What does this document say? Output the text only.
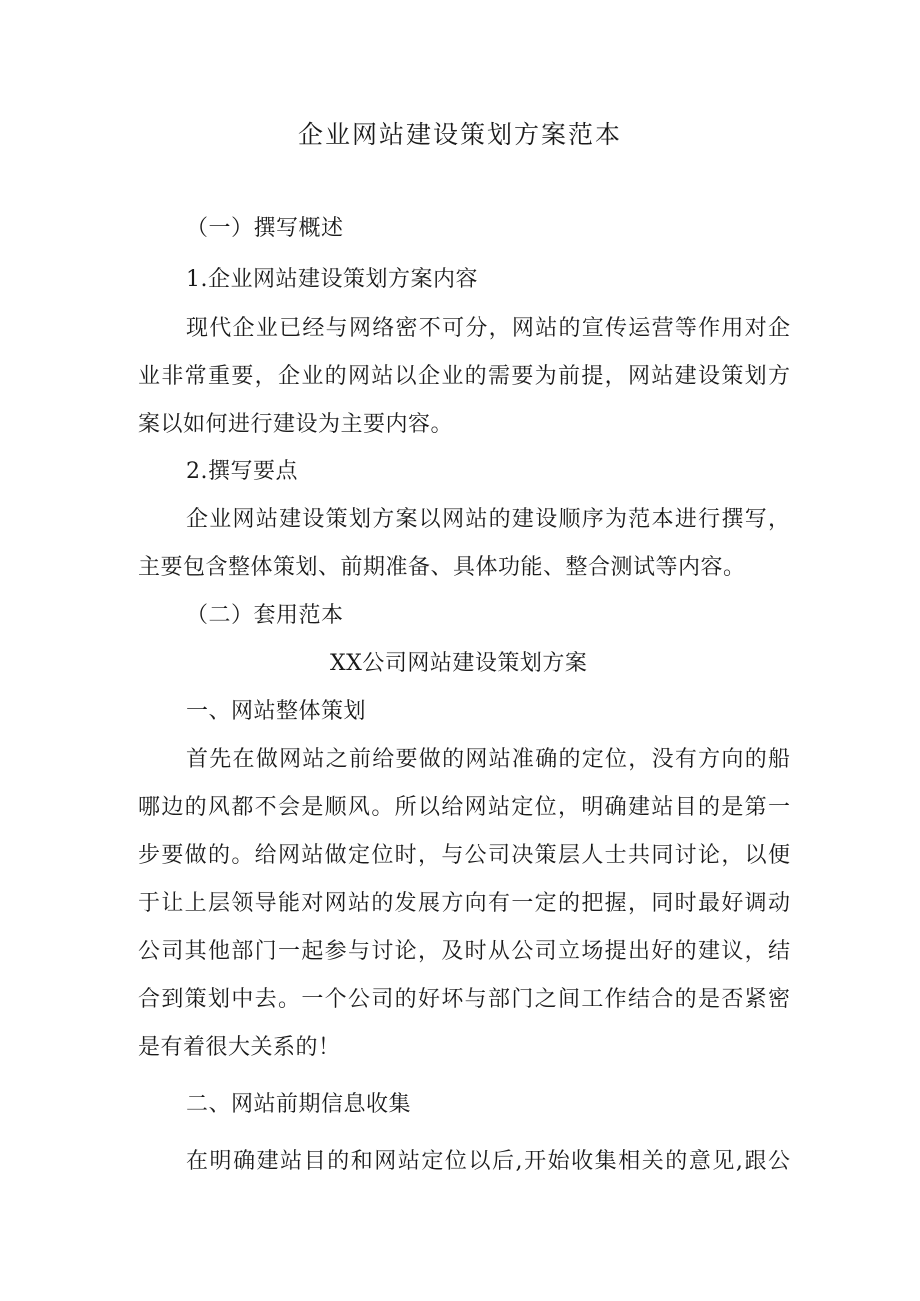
企业网站建设策划方案范本
（一）撰写概述
1.企业网站建设策划方案内容
现代企业已经与网络密不可分，网站的宣传运营等作用对企
业非常重要，企业的网站以企业的需要为前提，网站建设策划方
案以如何进行建设为主要内容。
2.撰写要点
企业网站建设策划方案以网站的建设顺序为范本进行撰写，
主要包含整体策划、前期准备、具体功能、整合测试等内容。
（二）套用范本
XX公司网站建设策划方案
一、网站整体策划
首先在做网站之前给要做的网站准确的定位，没有方向的船
哪边的风都不会是顺风。所以给网站定位，明确建站目的是第一
步要做的。给网站做定位时，与公司决策层人士共同讨论，以便
于让上层领导能对网站的发展方向有一定的把握，同时最好调动
公司其他部门一起参与讨论，及时从公司立场提出好的建议，结
合到策划中去。一个公司的好坏与部门之间工作结合的是否紧密
是有着很大关系的！
二、网站前期信息收集
在明确建站目的和网站定位以后,开始收集相关的意见,跟公
